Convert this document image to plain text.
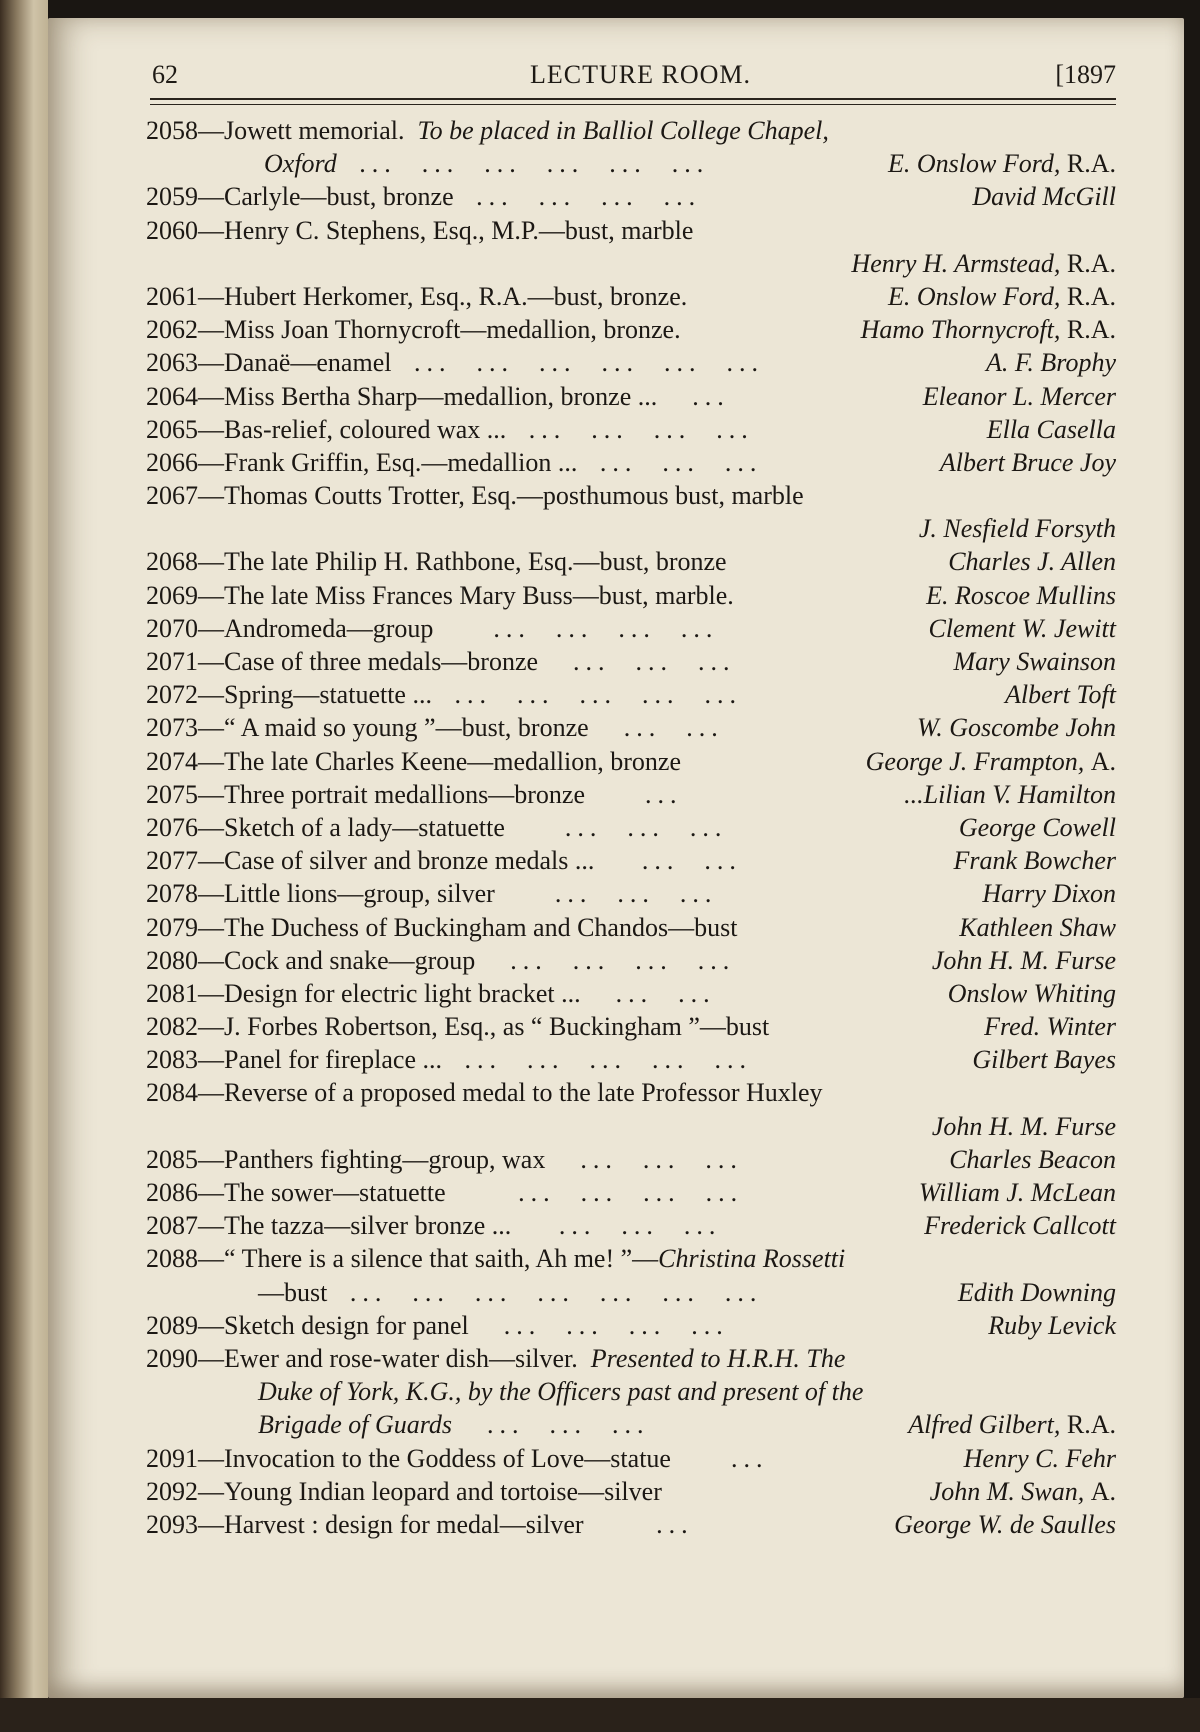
62	LECTURE ROOM.	[1897
2058—Jowett memorial. To be placed in Balliol College Chapel,
Oxford ...  ...  ...  ...  ...  ...	E. Onslow Ford, R.A.
2059—Carlyle—bust, bronze ...  ...  ...  ...	David McGill
2060—Henry C. Stephens, Esq., M.P.—bust, marble
Henry H. Armstead, R.A.
2061—Hubert Herkomer, Esq., R.A.—bust, bronze.	E. Onslow Ford, R.A.
2062—Miss Joan Thornycroft—medallion, bronze.	Hamo Thornycroft, R.A.
2063—Danaë—enamel ...  ...  ...  ...  ...  ...	A. F. Brophy
2064—Miss Bertha Sharp—medallion, bronze ...  ...	Eleanor L. Mercer
2065—Bas-relief, coloured wax ... ...  ...  ...  ...	Ella Casella
2066—Frank Griffin, Esq.—medallion ... ...  ...  ...	Albert Bruce Joy
2067—Thomas Coutts Trotter, Esq.—posthumous bust, marble
J. Nesfield Forsyth
2068—The late Philip H. Rathbone, Esq.—bust, bronze	Charles J. Allen
2069—The late Miss Frances Mary Buss—bust, marble.	E. Roscoe Mullins
2070—Andromeda—group    ...  ...  ...  ...	Clement W. Jewitt
2071—Case of three medals—bronze  ...  ...  ...	Mary Swainson
2072—Spring—statuette ... ...  ...  ...  ...  ...	Albert Toft
2073—“ A maid so young ”—bust, bronze  ...  ...	W. Goscombe John
2074—The late Charles Keene—medallion, bronze	George J. Frampton, A.
2075—Three portrait medallions—bronze    ...	...Lilian V. Hamilton
2076—Sketch of a lady—statuette    ...  ...  ...	George Cowell
2077—Case of silver and bronze medals ...   ...  ...	Frank Bowcher
2078—Little lions—group, silver    ...  ...  ...	Harry Dixon
2079—The Duchess of Buckingham and Chandos—bust	Kathleen Shaw
2080—Cock and snake—group  ...  ...  ...  ...	John H. M. Furse
2081—Design for electric light bracket ...  ...  ...	Onslow Whiting
2082—J. Forbes Robertson, Esq., as “ Buckingham ”—bust	Fred. Winter
2083—Panel for fireplace ... ...  ...  ...  ...  ...	Gilbert Bayes
2084—Reverse of a proposed medal to the late Professor Huxley
John H. M. Furse
2085—Panthers fighting—group, wax  ...  ...  ...	Charles Beacon
2086—The sower—statuette     ...  ...  ...  ...	William J. McLean
2087—The tazza—silver bronze ...   ...  ...  ...	Frederick Callcott
2088—“ There is a silence that saith, Ah me! ”—Christina Rossetti
—bust ...  ...  ...  ...  ...  ...  ...	Edith Downing
2089—Sketch design for panel  ...  ...  ...  ...	Ruby Levick
2090—Ewer and rose-water dish—silver. Presented to H.R.H. The
Duke of York, K.G., by the Officers past and present of the
Brigade of Guards  ...  ...  ...	Alfred Gilbert, R.A.
2091—Invocation to the Goddess of Love—statue    ...	Henry C. Fehr
2092—Young Indian leopard and tortoise—silver	John M. Swan, A.
2093—Harvest : design for medal—silver     ...	George W. de Saulles
